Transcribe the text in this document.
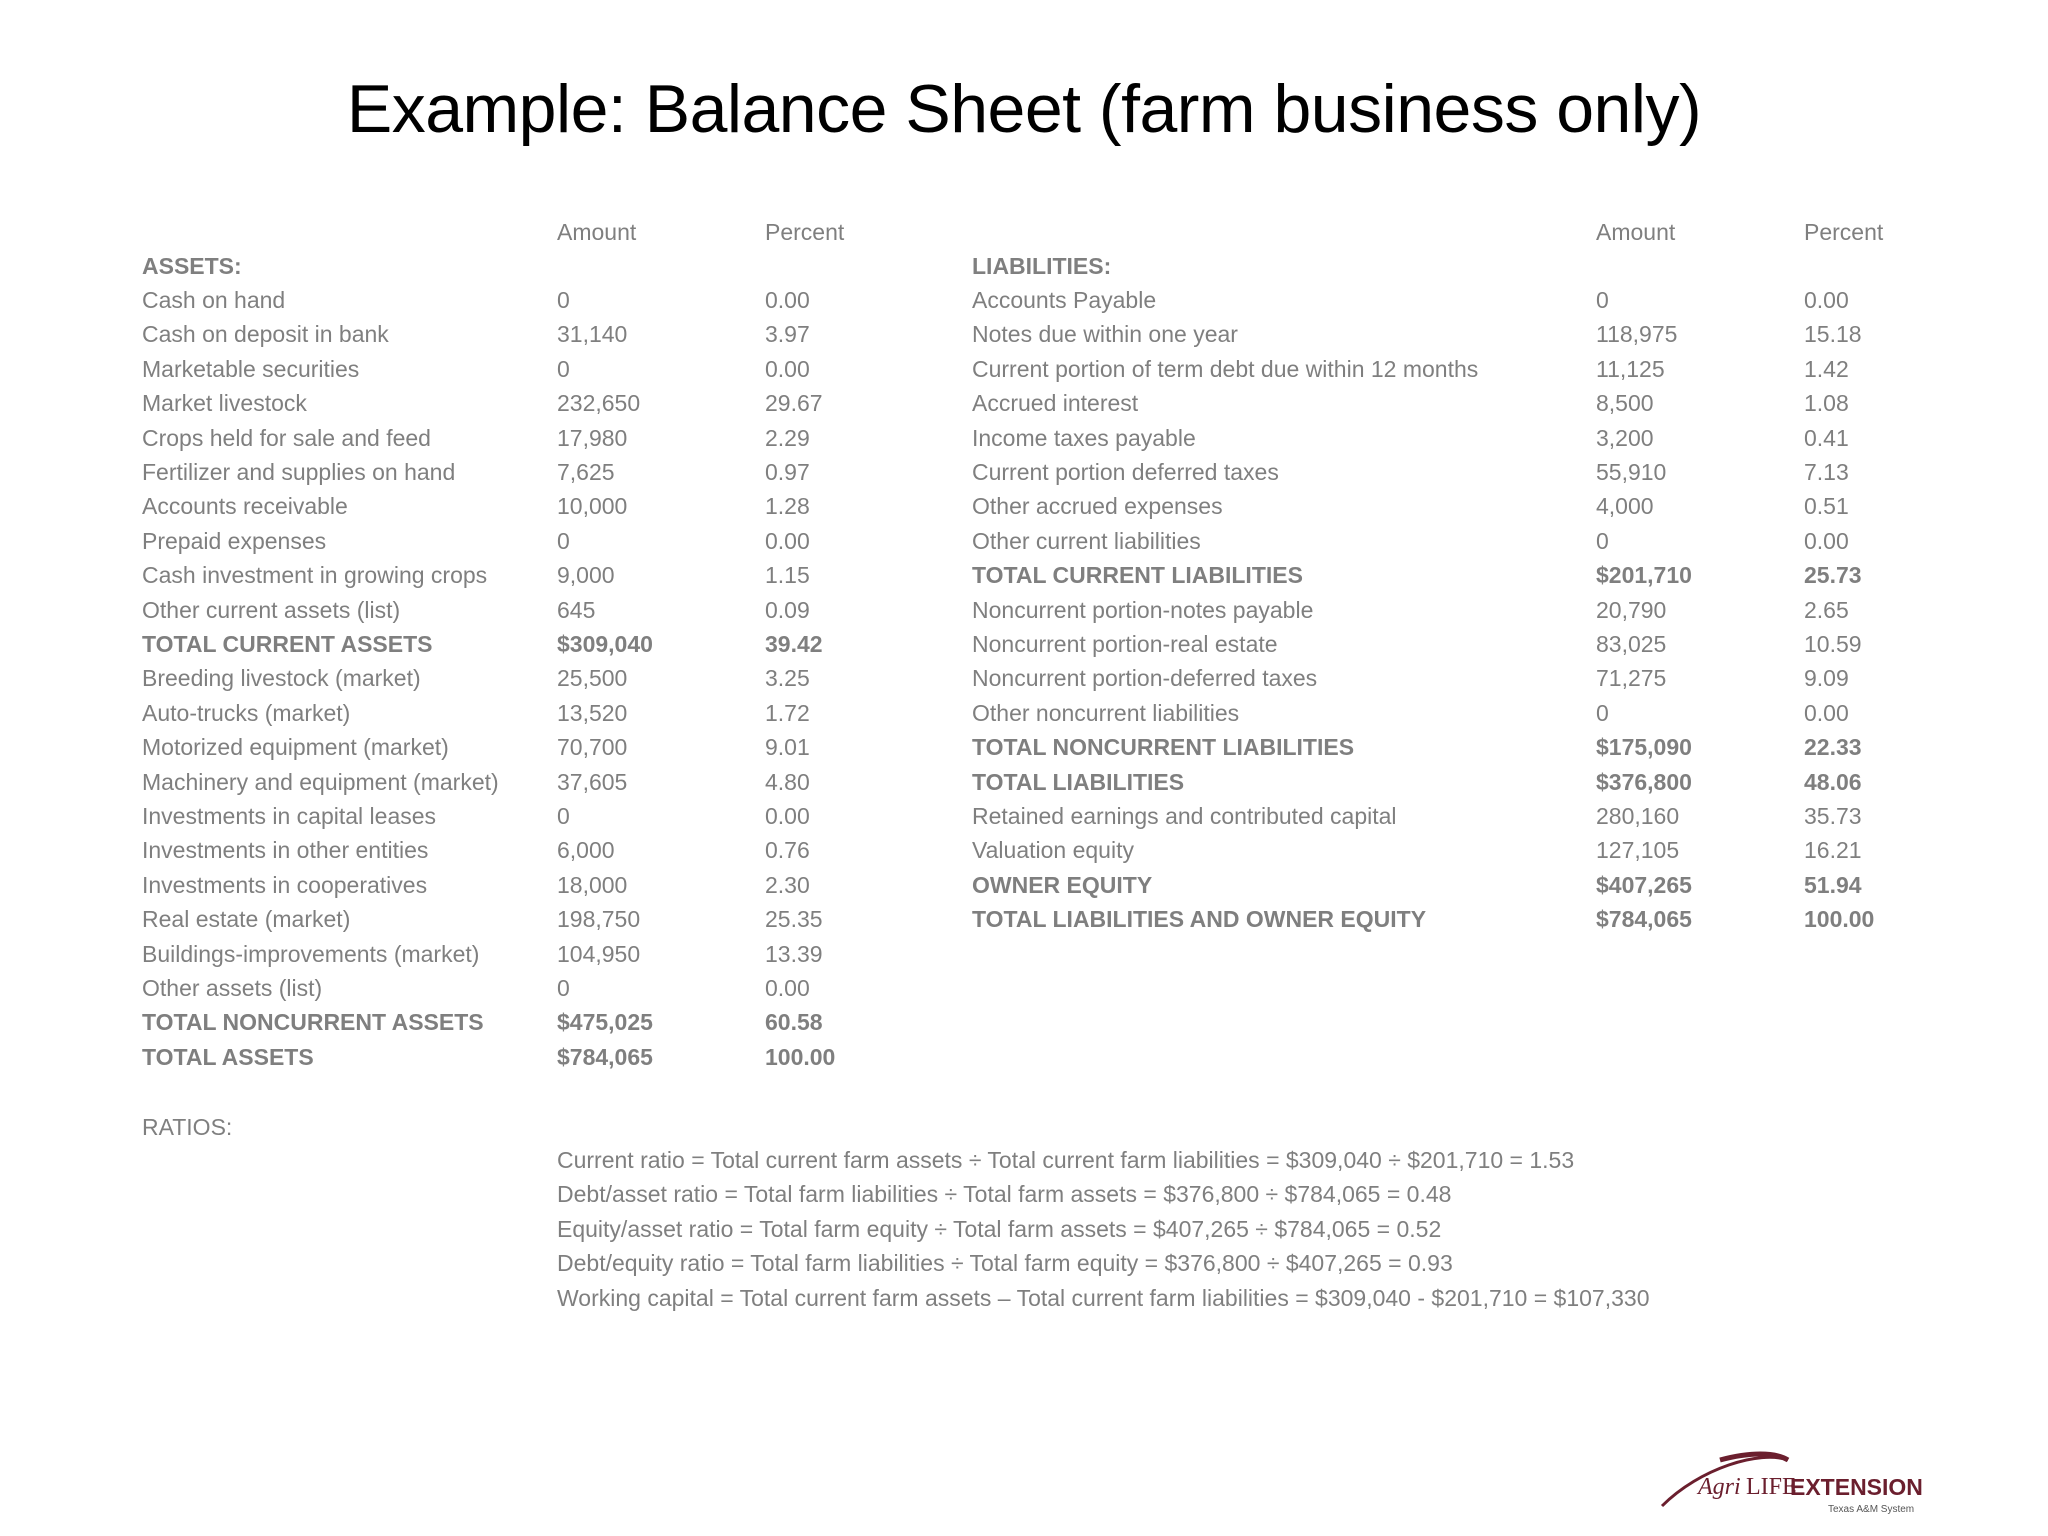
Example: Balance Sheet (farm business only)
Amount	Percent	Amount	Percent
ASSETS:	LIABILITIES:
Cash on hand	0	0.00
Cash on deposit in bank	31,140	3.97
Marketable securities	0	0.00
Market livestock	232,650	29.67
Crops held for sale and feed	17,980	2.29
Fertilizer and supplies on hand	7,625	0.97
Accounts receivable	10,000	1.28
Prepaid expenses	0	0.00
Cash investment in growing crops	9,000	1.15
Other current assets (list)	645	0.09
TOTAL CURRENT ASSETS	$309,040	39.42
Breeding livestock (market)	25,500	3.25
Auto-trucks (market)	13,520	1.72
Motorized equipment (market)	70,700	9.01
Machinery and equipment (market)	37,605	4.80
Investments in capital leases	0	0.00
Investments in other entities	6,000	0.76
Investments in cooperatives	18,000	2.30
Real estate (market)	198,750	25.35
Buildings-improvements (market)	104,950	13.39
Other assets (list)	0	0.00
TOTAL NONCURRENT ASSETS	$475,025	60.58
TOTAL ASSETS	$784,065	100.00
Accounts Payable	0	0.00
Notes due within one year	118,975	15.18
Current portion of term debt due within 12 months	11,125	1.42
Accrued interest	8,500	1.08
Income taxes payable	3,200	0.41
Current portion deferred taxes	55,910	7.13
Other accrued expenses	4,000	0.51
Other current liabilities	0	0.00
TOTAL CURRENT LIABILITIES	$201,710	25.73
Noncurrent portion-notes payable	20,790	2.65
Noncurrent portion-real estate	83,025	10.59
Noncurrent portion-deferred taxes	71,275	9.09
Other noncurrent liabilities	0	0.00
TOTAL NONCURRENT LIABILITIES	$175,090	22.33
TOTAL LIABILITIES	$376,800	48.06
Retained earnings and contributed capital	280,160	35.73
Valuation equity	127,105	16.21
OWNER EQUITY	$407,265	51.94
TOTAL LIABILITIES AND OWNER EQUITY	$784,065	100.00
RATIOS:
Current ratio = Total current farm assets ÷ Total current farm liabilities = $309,040 ÷ $201,710 = 1.53
Debt/asset ratio = Total farm liabilities ÷ Total farm assets = $376,800 ÷ $784,065 = 0.48
Equity/asset ratio = Total farm equity ÷ Total farm assets = $407,265 ÷ $784,065 = 0.52
Debt/equity ratio = Total farm liabilities ÷ Total farm equity = $376,800 ÷ $407,265 = 0.93
Working capital = Total current farm assets – Total current farm liabilities = $309,040 - $201,710 = $107,330
Agri LIFE
EXTENSION
Texas A&M System
